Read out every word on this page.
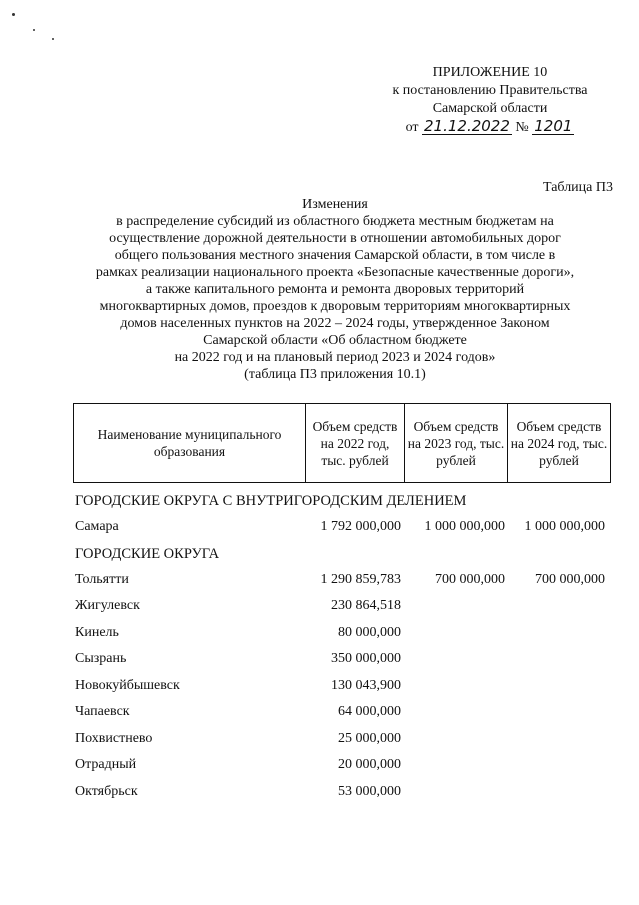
ПРИЛОЖЕНИЕ 10
к постановлению Правительства
Самарской области
от 21.12.2022 № 1201
Таблица П3
Изменения
в распределение субсидий из областного бюджета местным бюджетам на
осуществление дорожной деятельности в отношении автомобильных дорог
общего пользования местного значения Самарской области, в том числе в
рамках реализации национального проекта «Безопасные качественные дороги»,
а также капитального ремонта и ремонта дворовых территорий
многоквартирных домов, проездов к дворовым территориям многоквартирных
домов населенных пунктов на 2022 – 2024 годы, утвержденное Законом
Самарской области «Об областном бюджете
на 2022 год и на плановый период 2023 и 2024 годов»
(таблица П3 приложения 10.1)
Наименование муниципального образования	Объем средств на 2022 год, тыс. рублей	Объем средств на 2023 год, тыс. рублей	Объем средств на 2024 год, тыс. рублей
ГОРОДСКИЕ ОКРУГА С ВНУТРИГОРОДСКИМ ДЕЛЕНИЕМ
Самара	1 792 000,000	1 000 000,000	1 000 000,000
ГОРОДСКИЕ ОКРУГА
Тольятти	1 290 859,783	700 000,000	700 000,000
Жигулевск	230 864,518
Кинель	80 000,000
Сызрань	350 000,000
Новокуйбышевск	130 043,900
Чапаевск	64 000,000
Похвистнево	25 000,000
Отрадный	20 000,000
Октябрьск	53 000,000
